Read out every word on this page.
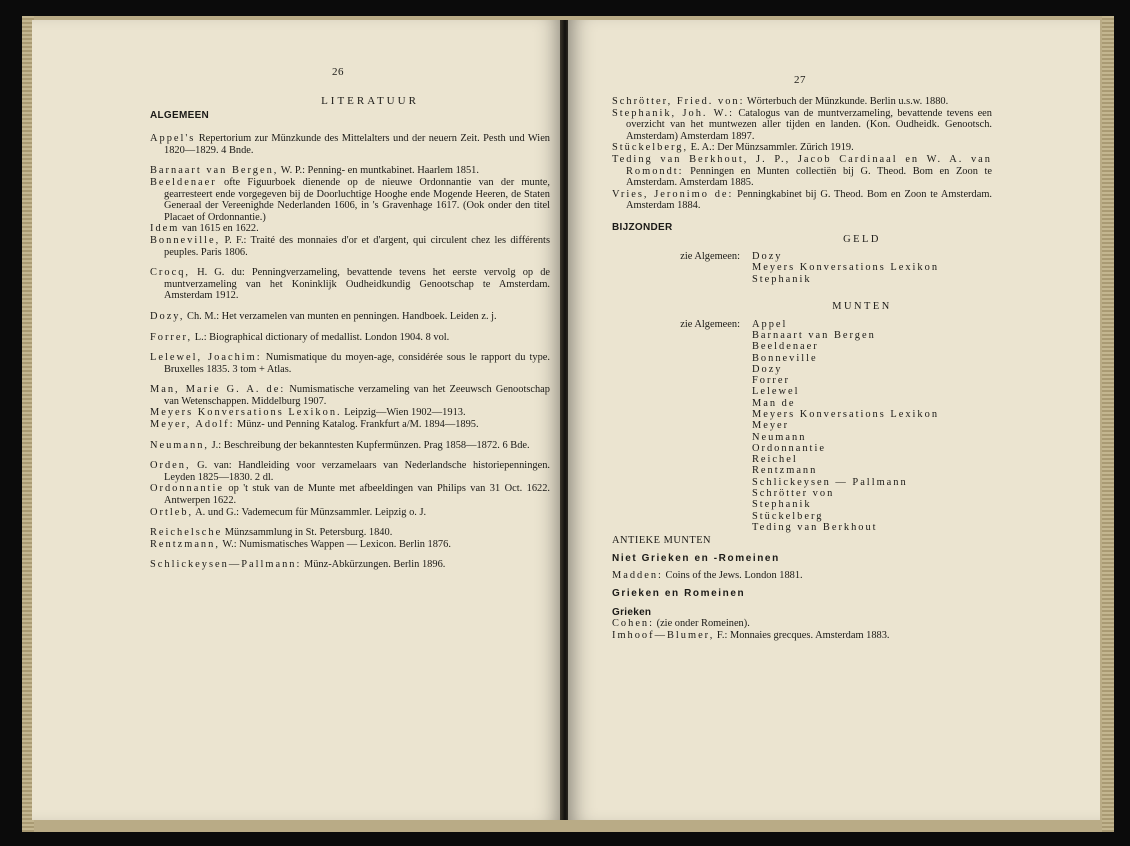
26
LITERATUUR
ALGEMEEN

Appel's Repertorium zur Münzkunde des Mittelalters und der neuern Zeit. Pesth und Wien 1820—1829. 4 Bnde.

Barnaart van Bergen, W. P.: Penning- en muntkabinet. Haarlem 1851.

Beeldenaer ofte Figuurboek dienende op de nieuwe Ordonnantie van der munte, gearresteert ende vorgegeven bij de Doorluchtige Hooghe ende Mogende Heeren, de Staten Generaal der Vereenighde Nederlanden 1606, in 's Gravenhage 1617. (Ook onder den titel Placaet of Ordonnantie.)

Idem van 1615 en 1622.

Bonneville, P. F.: Traité des monnaies d'or et d'argent, qui circulent chez les différents peuples. Paris 1806.

Crocq, H. G. du: Penningverzameling, bevattende tevens het eerste vervolg op de muntverzameling van het Koninklijk Oudheidkundig Genootschap te Amsterdam. Amsterdam 1912.

Dozy, Ch. M.: Het verzamelen van munten en penningen. Handboek. Leiden z. j.

Forrer, L.: Biographical dictionary of medallist. London 1904. 8 vol.

Lelewel, Joachim: Numismatique du moyen-age, considérée sous le rapport du type. Bruxelles 1835. 3 tom + Atlas.

Man, Marie G. A. de: Numismatische verzameling van het Zeeuwsch Genootschap van Wetenschappen. Middelburg 1907.

Meyers Konversations Lexikon. Leipzig—Wien 1902—1913.

Meyer, Adolf: Münz- und Penning Katalog. Frankfurt a/M. 1894—1895.

Neumann, J.: Beschreibung der bekanntesten Kupfermünzen. Prag 1858—1872. 6 Bde.

Orden, G. van: Handleiding voor verzamelaars van Nederlandsche historiepenningen. Leyden 1825—1830. 2 dl.

Ordonnantie op 't stuk van de Munte met afbeeldingen van Philips van 31 Oct. 1622. Antwerpen 1622.

Ortleb, A. und G.: Vademecum für Münzsammler. Leipzig o. J.

Reichelsche Münzsammlung in St. Petersburg. 1840.

Rentzmann, W.: Numismatisches Wappen — Lexicon. Berlin 1876.

Schlickeysen—Pallmann: Münz-Abkürzungen. Berlin 1896.

27

Schrötter, Fried. von: Wörterbuch der Münzkunde. Berlin u.s.w. 1880.

Stephanik, Joh. W.: Catalogus van de muntverzameling, bevattende tevens een overzicht van het muntwezen aller tijden en landen. (Kon. Oudheidk. Genootsch. Amsterdam) Amsterdam 1897.

Stückelberg, E. A.: Der Münzsammler. Zürich 1919.

Teding van Berkhout, J. P., Jacob Cardinaal en W. A. van Romondt: Penningen en Munten collectiën bij G. Theod. Bom en Zoon te Amsterdam. Amsterdam 1885.

Vries, Jeronimo de: Penningkabinet bij G. Theod. Bom en Zoon te Amsterdam. Amsterdam 1884.

BIJZONDER
GELD
zie Algemeen:	Dozy
Meyers Konversations Lexikon
Stephanik
MUNTEN
zie Algemeen:	Appel
Barnaart van Bergen
Beeldenaer
Bonneville
Dozy
Forrer
Lelewel
Man de
Meyers Konversations Lexikon
Meyer
Neumann
Ordonnantie
Reichel
Rentzmann
Schlickeysen — Pallmann
Schrötter von
Stephanik
Stückelberg
Teding van Berkhout
ANTIEKE MUNTEN
Niet Grieken en -Romeinen

Madden: Coins of the Jews. London 1881.

Grieken en Romeinen
Grieken

Cohen: (zie onder Romeinen).

Imhoof—Blumer, F.: Monnaies grecques. Amsterdam 1883.
